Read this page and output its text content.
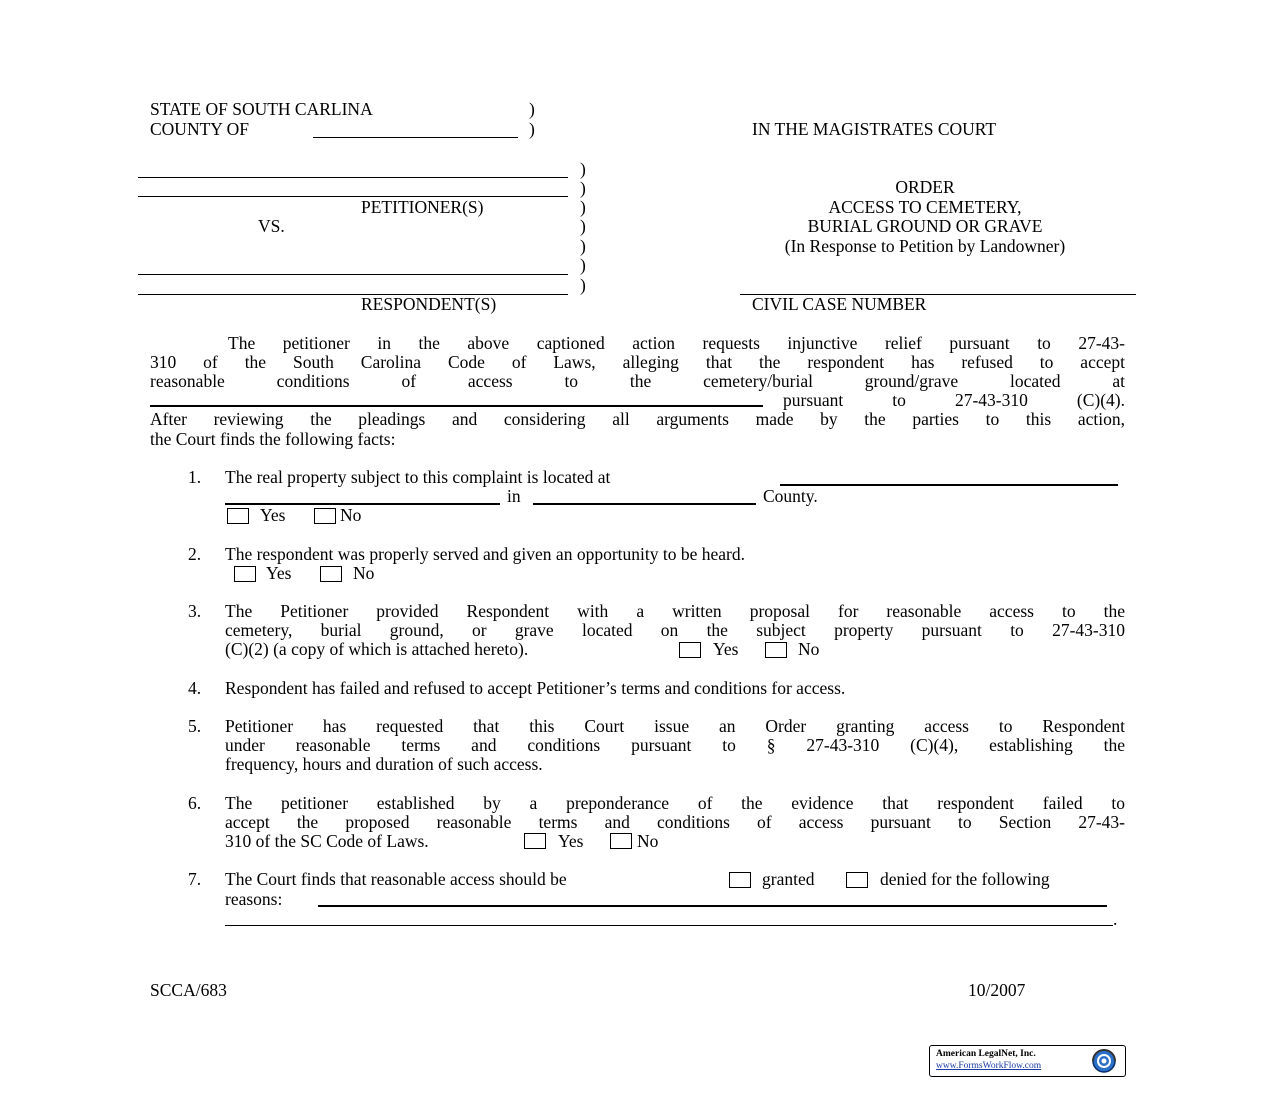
STATE OF SOUTH CARLINA	)
COUNTY OF	)	IN THE MAGISTRATES COURT
PETITIONER(S)
VS.
RESPONDENT(S)
)
)
)
)
)
)
)
ORDER
ACCESS TO CEMETERY,
BURIAL GROUND OR GRAVE
(In Response to Petition by Landowner)
CIVIL CASE NUMBER
The petitioner in the above captioned action requests injunctive relief pursuant to 27-43-
310 of the South Carolina Code of Laws, alleging that the respondent has refused to accept
reasonable conditions of access to the cemetery/burial ground/grave located at
pursuant to 27-43-310 (C)(4).
After reviewing the pleadings and considering all arguments made by the parties to this action,
the Court finds the following facts:
1. The real property subject to this complaint is located at
in	County.
Yes	No
2. The respondent was properly served and given an opportunity to be heard.
Yes	No
3. The Petitioner provided Respondent with a written proposal for reasonable access to the
cemetery, burial ground, or grave located on the subject property pursuant to 27-43-310
(C)(2) (a copy of which is attached hereto).	Yes	No
4. Respondent has failed and refused to accept Petitioner’s terms and conditions for access.
5. Petitioner has requested that this Court issue an Order granting access to Respondent
under reasonable terms and conditions pursuant to § 27-43-310 (C)(4), establishing the
frequency, hours and duration of such access.
6. The petitioner established by a preponderance of the evidence that respondent failed to
accept the proposed reasonable terms and conditions of access pursuant to Section 27-43-
310 of the SC Code of Laws.	Yes	No
7. The Court finds that reasonable access should be	granted	denied for the following
reasons:
.
SCCA/683	10/2007
American LegalNet, Inc.
www.FormsWorkFlow.com
